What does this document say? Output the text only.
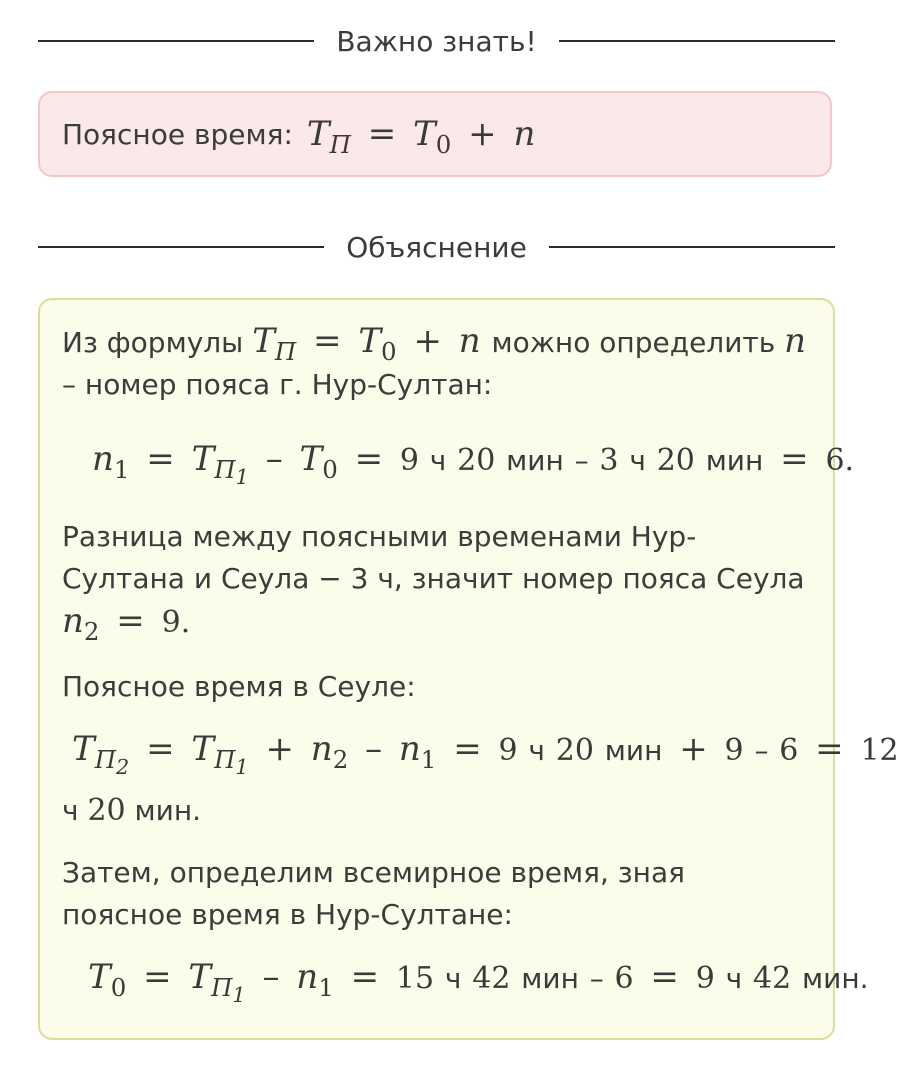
Важно знать!
Поясное время: $T_П = T_0 + n$
Объяснение
Из формулы $T_П = T_0 + n$ можно определить n
– номер пояса г. Нур-Султан:
$n_1 = T_{П_1} - T_0 = 9$ ч 20 мин – 3 ч 20 мин = 6.
Разница между поясными временами Нур-
Султана и Сеула − 3 ч, значит номер пояса Сеула
$n_2 = 9$.
Поясное время в Сеуле:
$T_{П_2} = T_{П_1} + n_2 - n_1 = 9$ ч 20 мин + 9 – 6 = 12
ч 20 мин.
Затем, определим всемирное время, зная
поясное время в Нур-Султане:
$T_0 = T_{П_1} - n_1 = 15$ ч 42 мин – 6 = 9 ч 42 мин.
